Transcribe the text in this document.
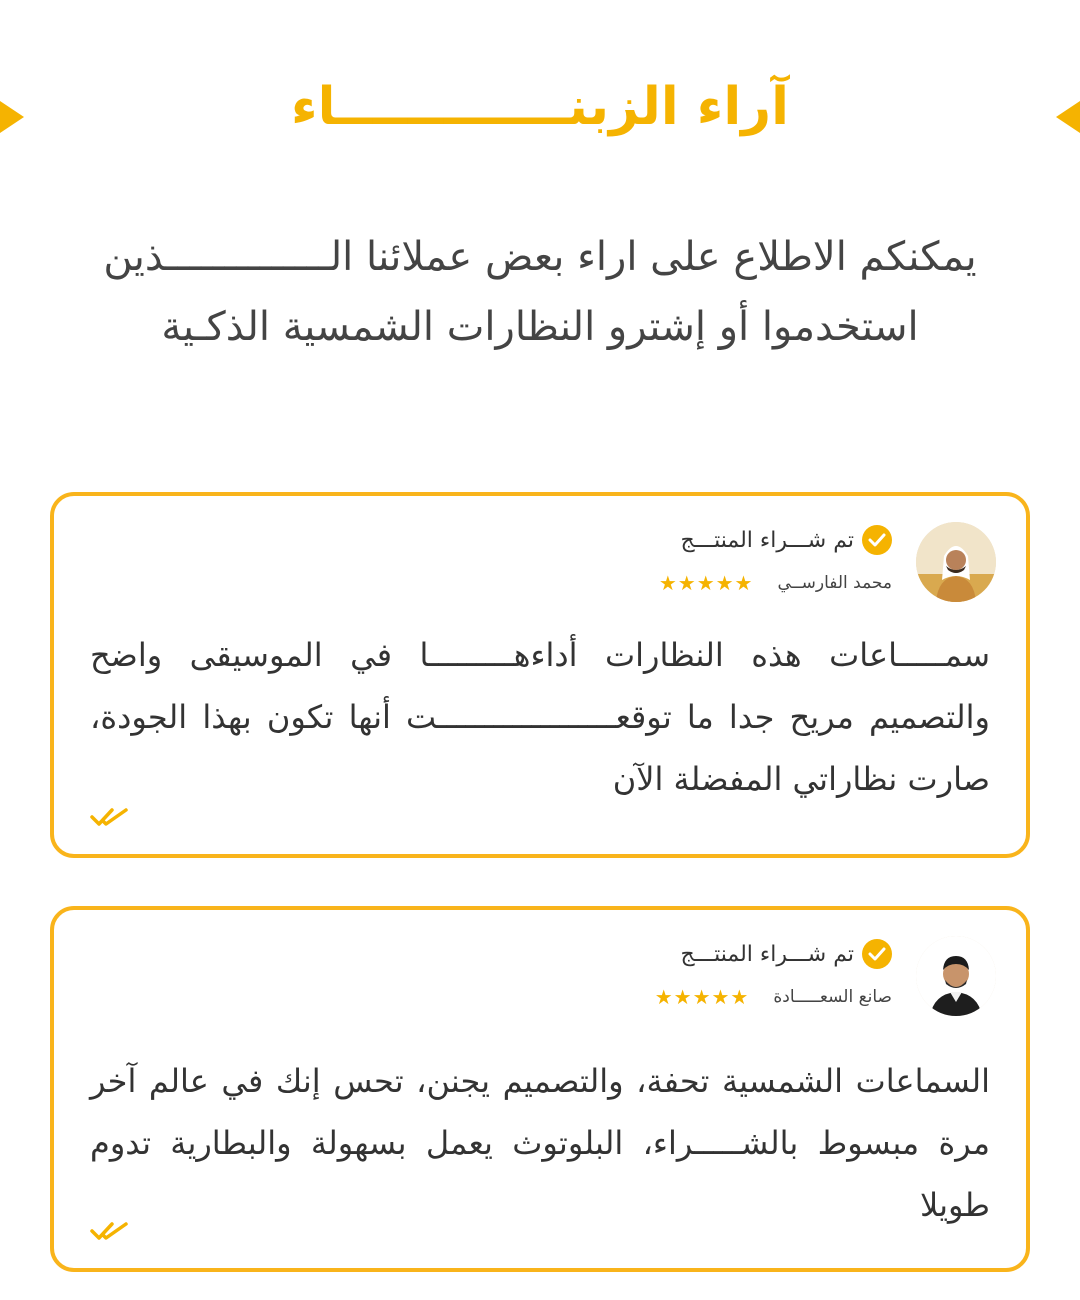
آراء الزبنـــــــــــــاء
يمكنكم الاطلاع على اراء بعض عملائنا الــــــــــــــذين
استخدموا أو إشترو النظارات الشمسية الذكـية
تم شـــراء المنتـــج
محمد الفارســي
★★★★★

سمـــــاعات هذه النظارات أداءهـــــــــا في الموسيقى واضح والتصميم مريح جدا ما توقعـــــــــــــــــــت أنها تكون بهذا الجودة، صارت نظاراتي المفضلة الآن

تم شـــراء المنتـــج
صانع السعـــــادة
★★★★★

السماعات الشمسية تحفة، والتصميم يجنن، تحس إنك في عالم آخر مرة مبسوط بالشـــــراء، البلوتوث يعمل بسهولة والبطارية تدوم طويلا
